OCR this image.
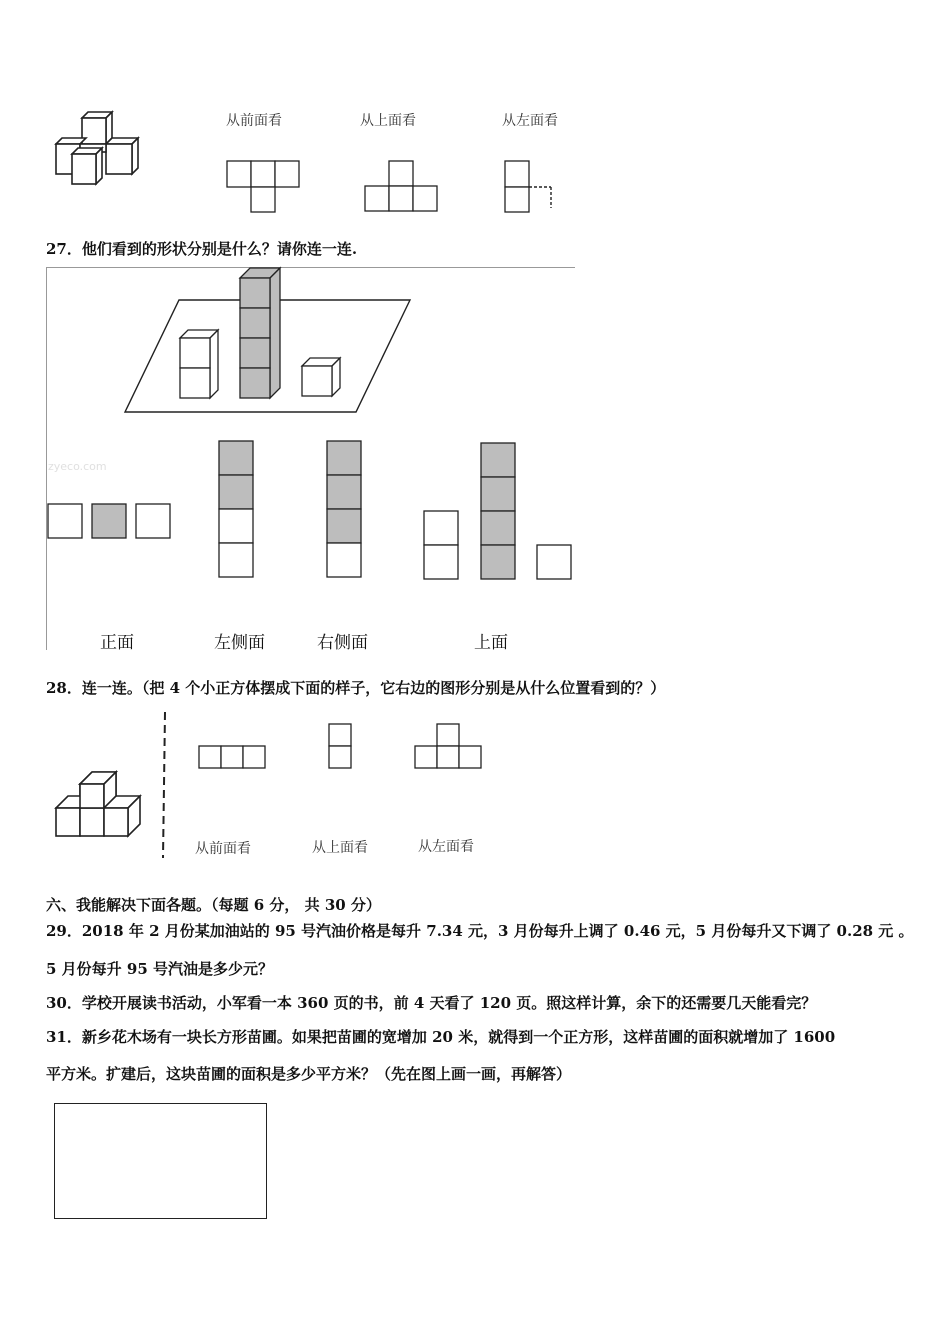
从前面看	从上面看	从左面看
27．他们看到的形状分别是什么？请你连一连.
zyeco.com
正面	左侧面	右侧面	上面
28．连一连。（把 4 个小正方体摆成下面的样子，它右边的图形分别是从什么位置看到的？）
从前面看	从上面看	从左面看
六、我能解决下面各题。（每题 6 分， 共 30 分）
29．2018 年 2 月份某加油站的 95 号汽油价格是每升 7.34 元，3 月份每升上调了 0.46 元，5 月份每升又下调了 0.28 元 。
5 月份每升 95 号汽油是多少元？
30．学校开展读书活动，小军看一本 360 页的书，前 4 天看了 120 页。照这样计算，余下的还需要几天能看完？
31．新乡花木场有一块长方形苗圃。如果把苗圃的宽增加 20 米，就得到一个正方形，这样苗圃的面积就增加了 1600
平方米。扩建后，这块苗圃的面积是多少平方米？（先在图上画一画，再解答）
